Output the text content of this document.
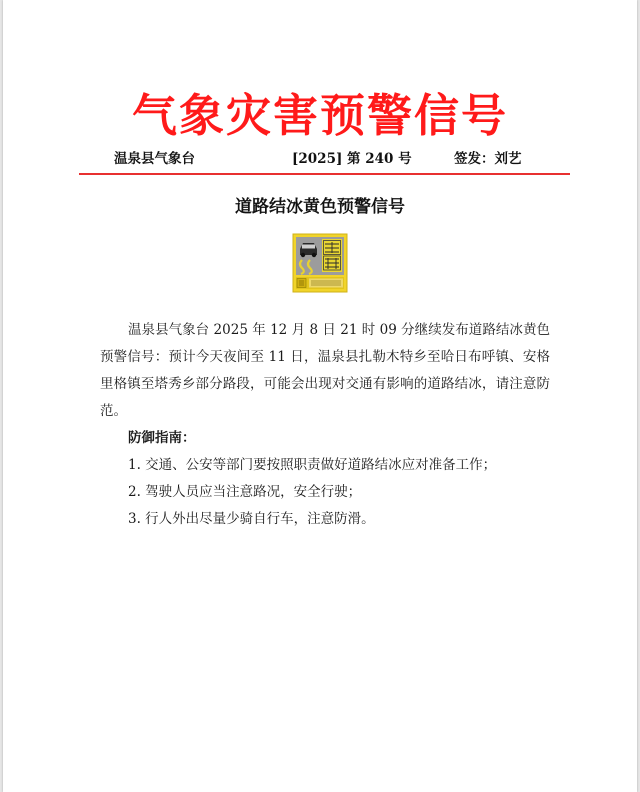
气象灾害预警信号
温泉县气象台	[2025] 第 240 号	签发：刘艺
道路结冰黄色预警信号

温泉县气象台 2025 年 12 月 8 日 21 时 09 分继续发布道路结冰黄色预警信号：预计今天夜间至 11 日，温泉县扎勒木特乡至哈日布呼镇、安格里格镇至塔秀乡部分路段，可能会出现对交通有影响的道路结冰，请注意防范。

防御指南：

1. 交通、公安等部门要按照职责做好道路结冰应对准备工作；

2. 驾驶人员应当注意路况，安全行驶；

3. 行人外出尽量少骑自行车，注意防滑。
